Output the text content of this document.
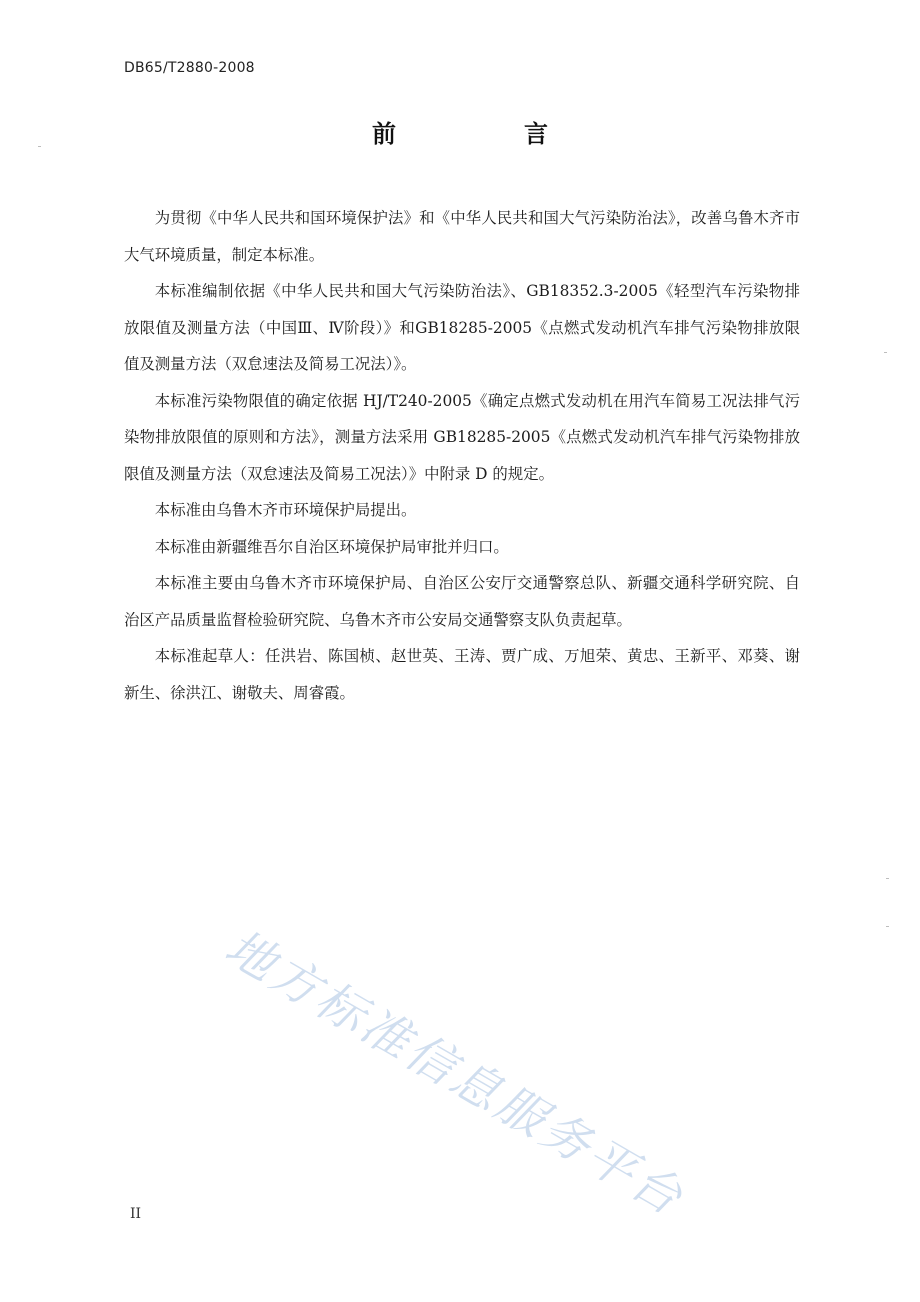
DB65/T2880-2008
前　言

为贯彻《中华人民共和国环境保护法》和《中华人民共和国大气污染防治法》，改善乌鲁木齐市大气环境质量，制定本标准。

本标准编制依据《中华人民共和国大气污染防治法》、GB18352.3-2005《轻型汽车污染物排放限值及测量方法（中国Ⅲ、Ⅳ阶段）》和GB18285-2005《点燃式发动机汽车排气污染物排放限值及测量方法（双怠速法及简易工况法）》。

本标准污染物限值的确定依据 HJ/T240-2005《确定点燃式发动机在用汽车简易工况法排气污染物排放限值的原则和方法》，测量方法采用 GB18285-2005《点燃式发动机汽车排气污染物排放限值及测量方法（双怠速法及简易工况法）》中附录 D 的规定。

本标准由乌鲁木齐市环境保护局提出。

本标准由新疆维吾尔自治区环境保护局审批并归口。

本标准主要由乌鲁木齐市环境保护局、自治区公安厅交通警察总队、新疆交通科学研究院、自治区产品质量监督检验研究院、乌鲁木齐市公安局交通警察支队负责起草。

本标准起草人：任洪岩、陈国桢、赵世英、王涛、贾广成、万旭荣、黄忠、王新平、邓葵、谢新生、徐洪江、谢敬夫、周睿霞。

地方标准信息服务平台
II
